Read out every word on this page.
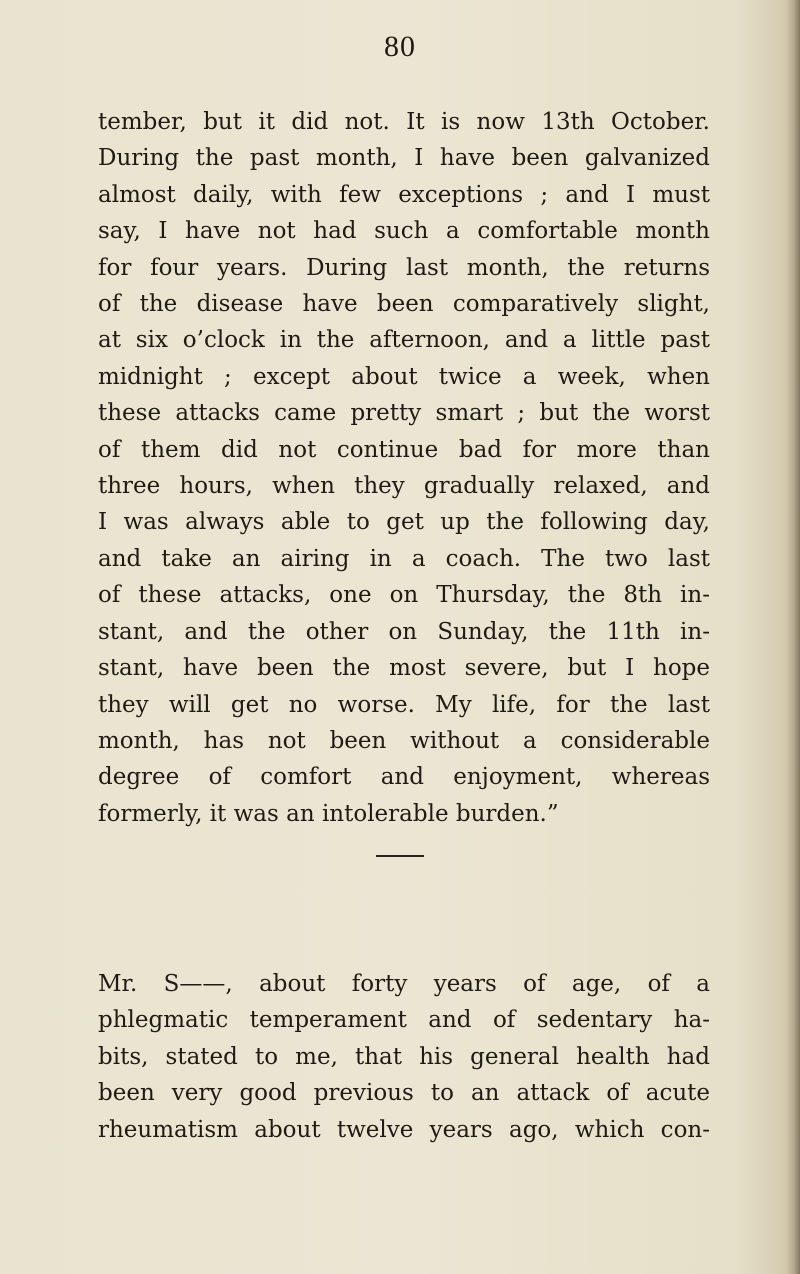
80

tember, but it did not. It is now 13th October.
During the past month, I have been galvanized
almost daily, with few exceptions ; and I must
say, I have not had such a comfortable month
for four years. During last month, the returns
of the disease have been comparatively slight,
at six o’clock in the afternoon, and a little past
midnight ; except about twice a week, when
these attacks came pretty smart ; but the worst
of them did not continue bad for more than
three hours, when they gradually relaxed, and
I was always able to get up the following day,
and take an airing in a coach. The two last
of these attacks, one on Thursday, the 8th in-
stant, and the other on Sunday, the 11th in-
stant, have been the most severe, but I hope
they will get no worse. My life, for the last
month, has not been without a considerable
degree of comfort and enjoyment, whereas
formerly, it was an intolerable burden.”

Mr. S——, about forty years of age, of a
phlegmatic temperament and of sedentary ha-
bits, stated to me, that his general health had
been very good previous to an attack of acute
rheumatism about twelve years ago, which con-
